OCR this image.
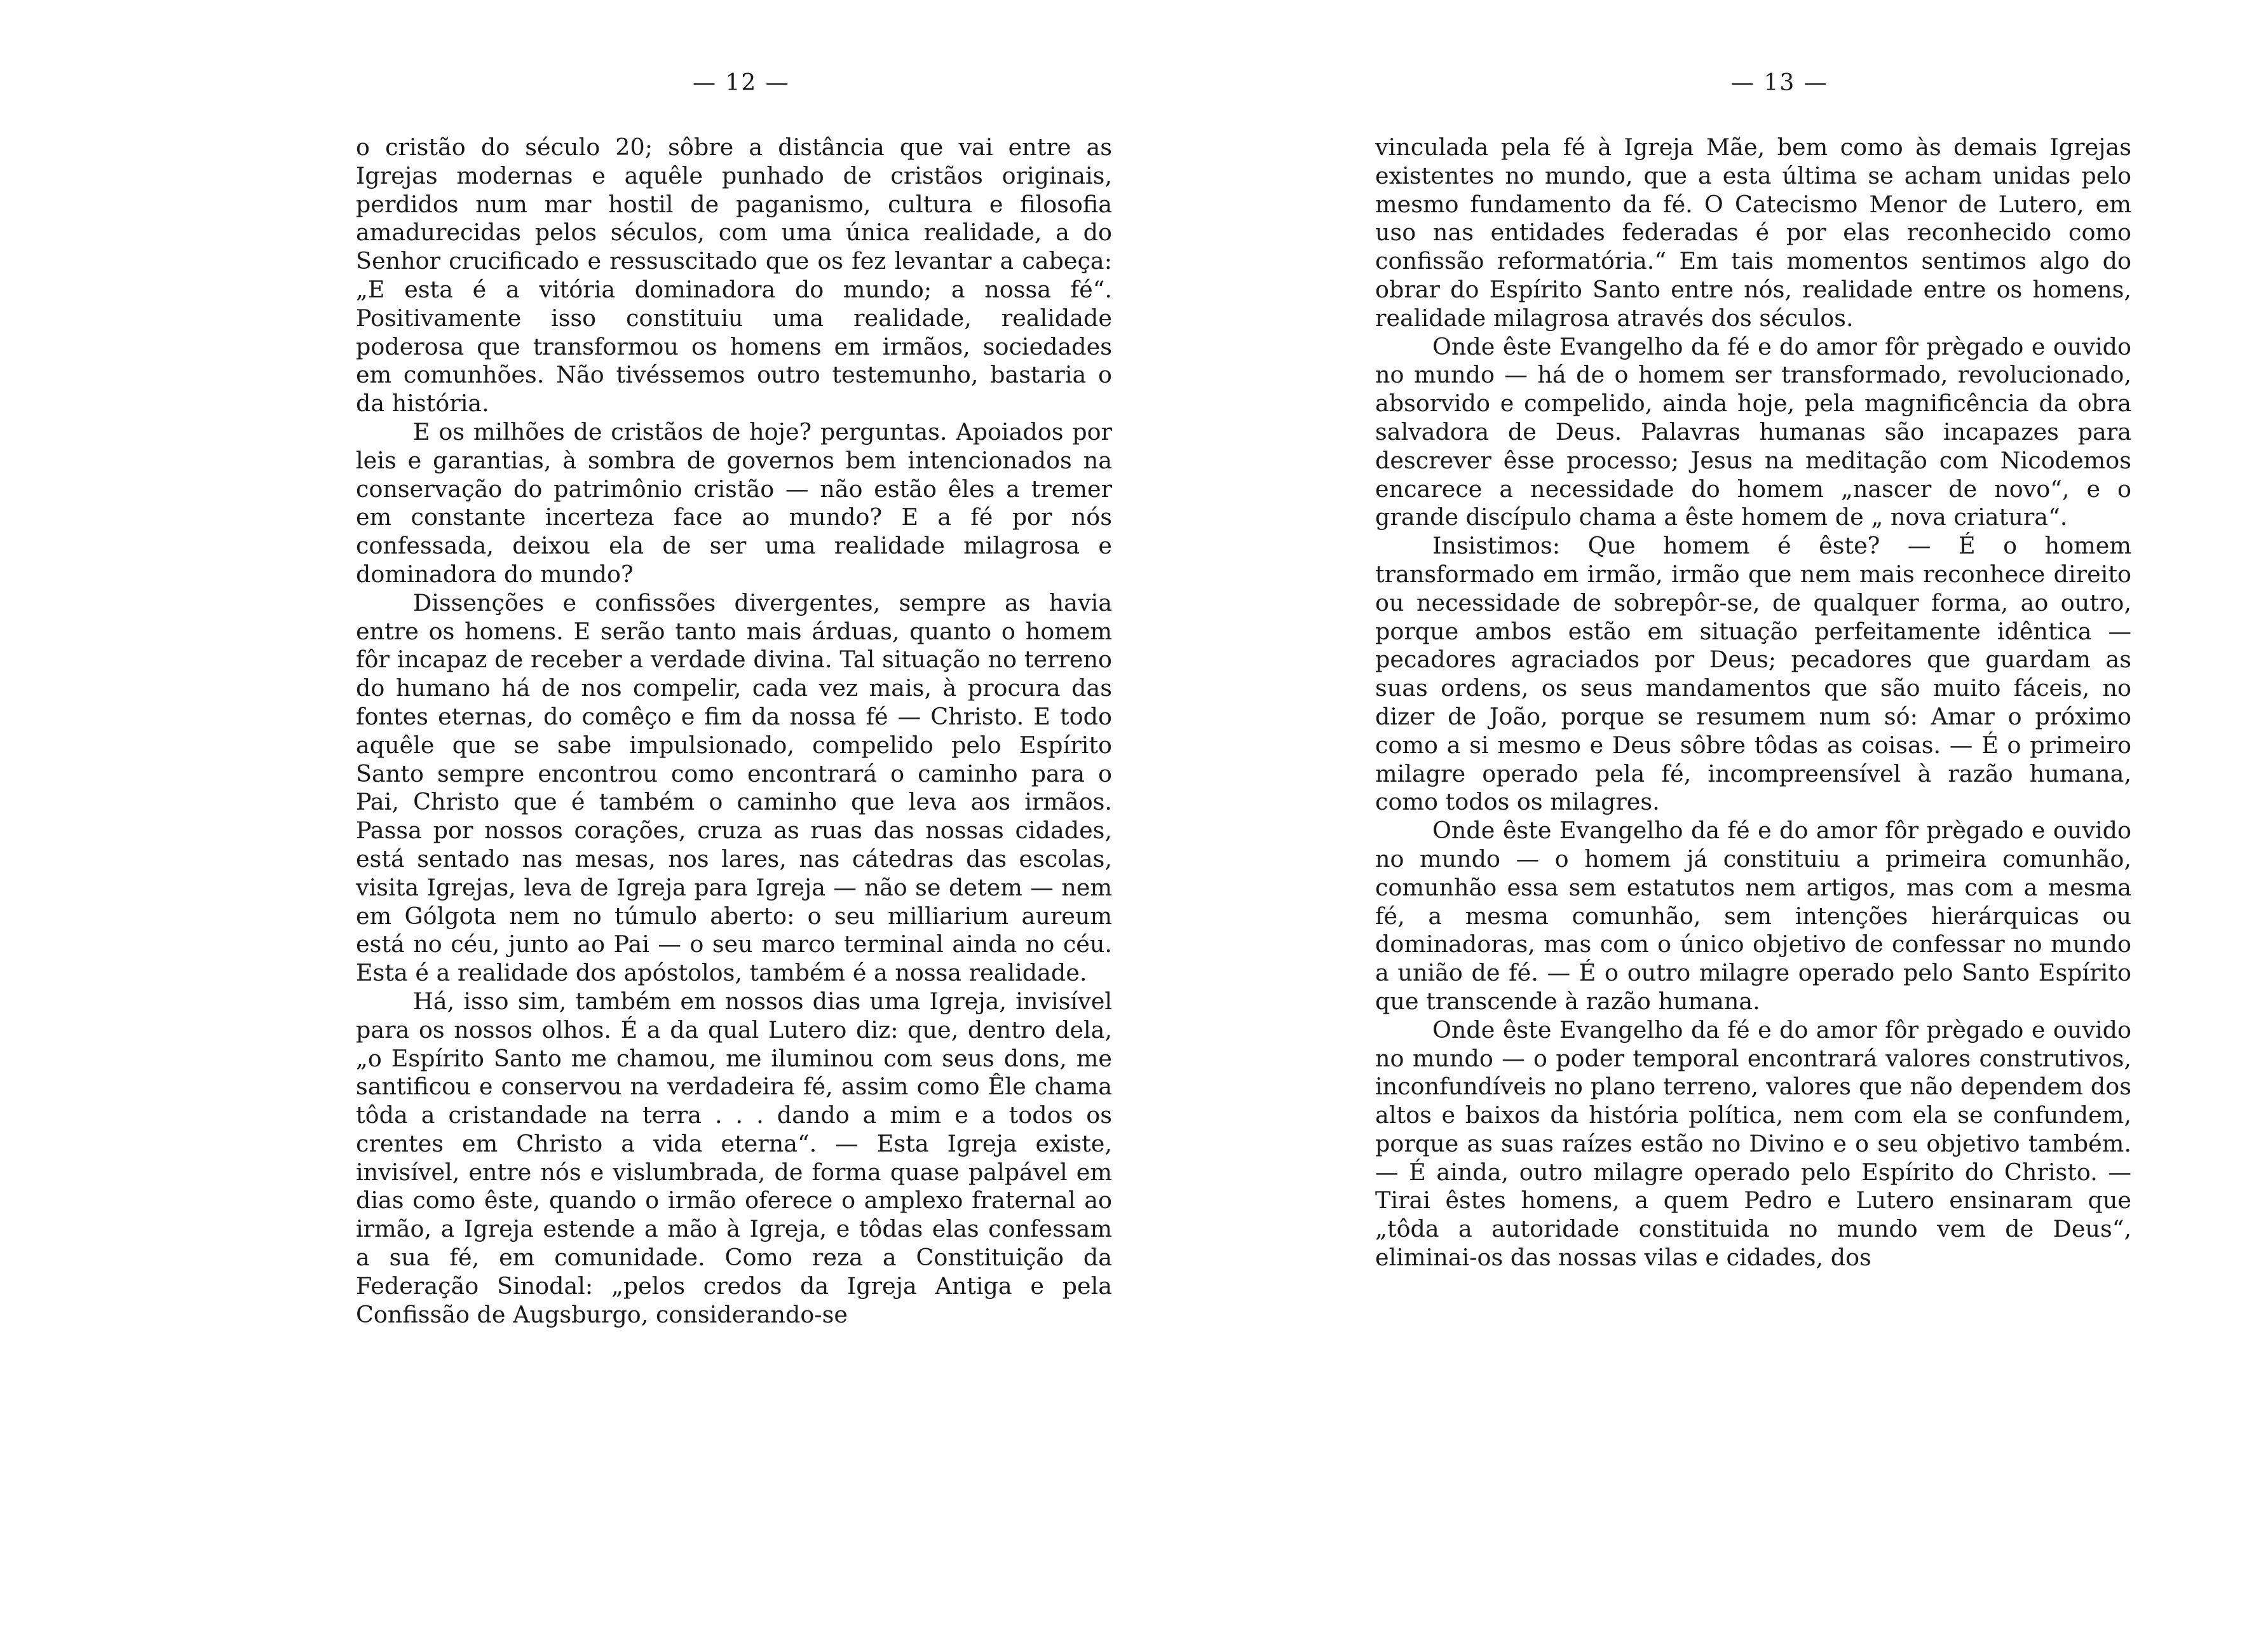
— 12 —

o cristão do século 20; sôbre a distância que vai entre as Igrejas modernas e aquêle punhado de cristãos originais, perdidos num mar hostil de paganismo, cultura e filosofia amadurecidas pelos séculos, com uma única realidade, a do Senhor crucificado e ressuscitado que os fez levantar a cabeça: „E esta é a vitória dominadora do mundo; a nossa fé“. Positivamente isso constituiu uma realidade, realidade poderosa que transformou os homens em irmãos, sociedades em comunhões. Não tivéssemos outro testemunho, bastaria o da história.

E os milhões de cristãos de hoje? perguntas. Apoiados por leis e garantias, à sombra de governos bem intencionados na conservação do patrimônio cristão — não estão êles a tremer em constante incerteza face ao mundo? E a fé por nós confessada, deixou ela de ser uma realidade milagrosa e dominadora do mundo?

Dissenções e confissões divergentes, sempre as havia entre os homens. E serão tanto mais árduas, quanto o homem fôr incapaz de receber a verdade divina. Tal situação no terreno do humano há de nos compelir, cada vez mais, à procura das fontes eternas, do comêço e fim da nossa fé — Christo. E todo aquêle que se sabe impulsionado, compelido pelo Espírito Santo sempre encontrou como encontrará o caminho para o Pai, Christo que é também o caminho que leva aos irmãos. Passa por nossos corações, cruza as ruas das nossas cidades, está sentado nas mesas, nos lares, nas cátedras das escolas, visita Igrejas, leva de Igreja para Igreja — não se detem — nem em Gólgota nem no túmulo aberto: o seu milliarium aureum está no céu, junto ao Pai — o seu marco terminal ainda no céu. Esta é a realidade dos apóstolos, também é a nossa realidade.

Há, isso sim, também em nossos dias uma Igreja, invisível para os nossos olhos. É a da qual Lutero diz: que, dentro dela, „o Espírito Santo me chamou, me iluminou com seus dons, me santificou e conservou na verdadeira fé, assim como Êle chama tôda a cristandade na terra . . . dando a mim e a todos os crentes em Christo a vida eterna“. — Esta Igreja existe, invisível, entre nós e vislumbrada, de forma quase palpável em dias como êste, quando o irmão oferece o amplexo fraternal ao irmão, a Igreja estende a mão à Igreja, e tôdas elas confessam a sua fé, em comunidade. Como reza a Constituição da Federação Sinodal: „pelos credos da Igreja Antiga e pela Confissão de Augsburgo, considerando-se

— 13 —

vinculada pela fé à Igreja Mãe, bem como às demais Igrejas existentes no mundo, que a esta última se acham unidas pelo mesmo fundamento da fé. O Catecismo Menor de Lutero, em uso nas entidades federadas é por elas reconhecido como confissão reformatória.“ Em tais momentos sentimos algo do obrar do Espírito Santo entre nós, realidade entre os homens, realidade milagrosa através dos séculos.

Onde êste Evangelho da fé e do amor fôr prègado e ouvido no mundo — há de o homem ser transformado, revolucionado, absorvido e compelido, ainda hoje, pela magnificência da obra salvadora de Deus. Palavras humanas são incapazes para descrever êsse processo; Jesus na meditação com Nicodemos encarece a necessidade do homem „nascer de novo“, e o grande discípulo chama a êste homem de „ nova criatura“.

Insistimos: Que homem é êste? — É o homem transformado em irmão, irmão que nem mais reconhece direito ou necessidade de sobrepôr-se, de qualquer forma, ao outro, porque ambos estão em situação perfeitamente idêntica — pecadores agraciados por Deus; pecadores que guardam as suas ordens, os seus mandamentos que são muito fáceis, no dizer de João, porque se resumem num só: Amar o próximo como a si mesmo e Deus sôbre tôdas as coisas. — É o primeiro milagre operado pela fé, incompreensível à razão humana, como todos os milagres.

Onde êste Evangelho da fé e do amor fôr prègado e ouvido no mundo — o homem já constituiu a primeira comunhão, comunhão essa sem estatutos nem artigos, mas com a mesma fé, a mesma comunhão, sem intenções hierárquicas ou dominadoras, mas com o único objetivo de confessar no mundo a união de fé. — É o outro milagre operado pelo Santo Espírito que transcende à razão humana.

Onde êste Evangelho da fé e do amor fôr prègado e ouvido no mundo — o poder temporal encontrará valores construtivos, inconfundíveis no plano terreno, valores que não dependem dos altos e baixos da história política, nem com ela se confundem, porque as suas raízes estão no Divino e o seu objetivo também. — É ainda, outro milagre operado pelo Espírito do Christo. — Tirai êstes homens, a quem Pedro e Lutero ensinaram que „tôda a autoridade constituida no mundo vem de Deus“, eliminai-os das nossas vilas e cidades, dos
